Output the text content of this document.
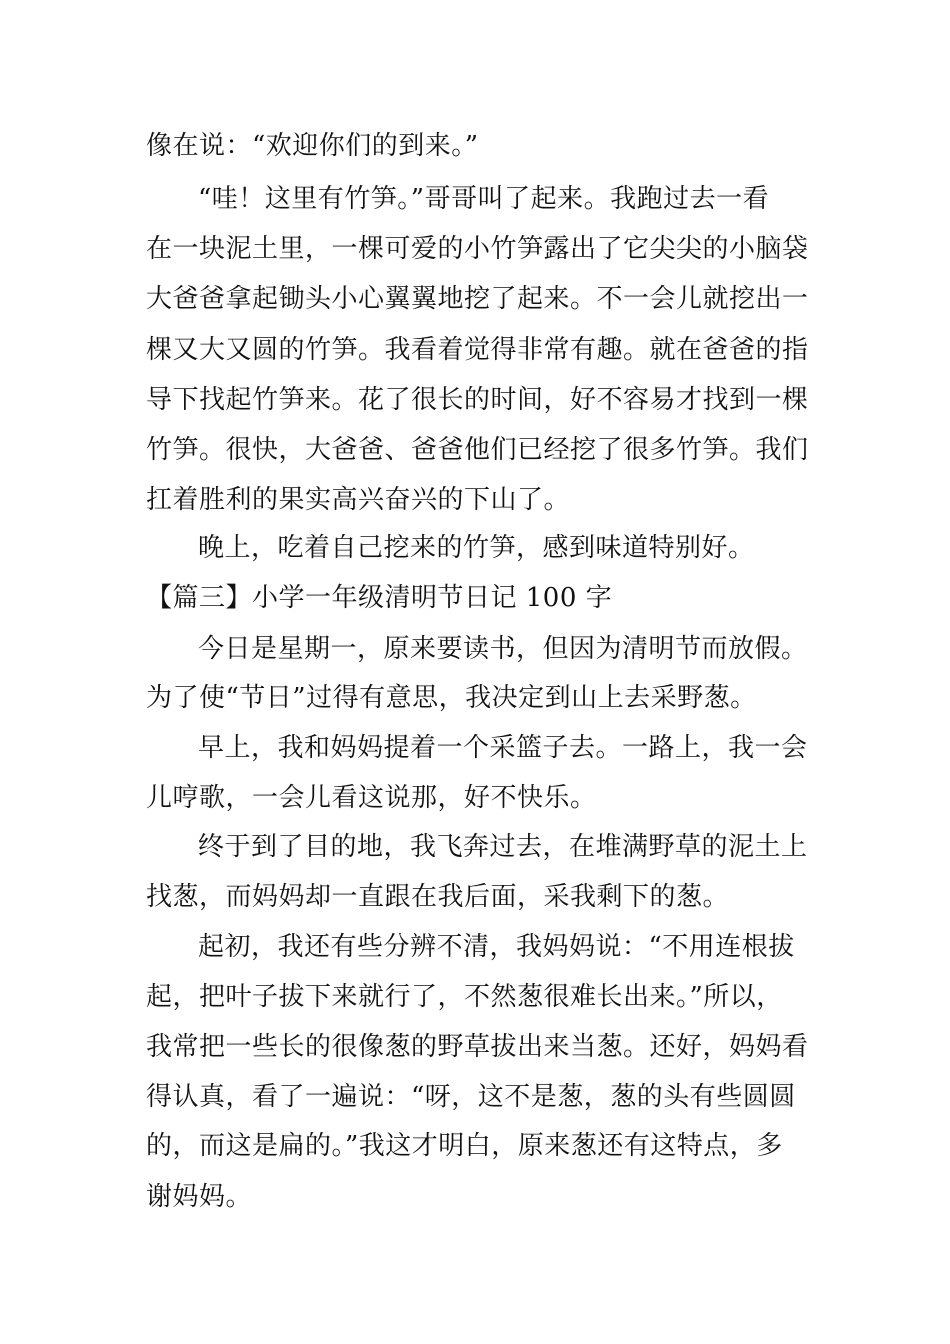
像在说：“欢迎你们的到来。”
“哇！这里有竹笋。”哥哥叫了起来。我跑过去一看
在一块泥土里，一棵可爱的小竹笋露出了它尖尖的小脑袋
大爸爸拿起锄头小心翼翼地挖了起来。不一会儿就挖出一
棵又大又圆的竹笋。我看着觉得非常有趣。就在爸爸的指
导下找起竹笋来。花了很长的时间，好不容易才找到一棵
竹笋。很快，大爸爸、爸爸他们已经挖了很多竹笋。我们
扛着胜利的果实高兴奋兴的下山了。
晚上，吃着自己挖来的竹笋，感到味道特别好。
【篇三】小学一年级清明节日记 100 字
今日是星期一，原来要读书，但因为清明节而放假。
为了使“节日”过得有意思，我决定到山上去采野葱。
早上，我和妈妈提着一个采篮子去。一路上，我一会
儿哼歌，一会儿看这说那，好不快乐。
终于到了目的地，我飞奔过去，在堆满野草的泥土上
找葱，而妈妈却一直跟在我后面，采我剩下的葱。
起初，我还有些分辨不清，我妈妈说：“不用连根拔
起，把叶子拔下来就行了，不然葱很难长出来。”所以，
我常把一些长的很像葱的野草拔出来当葱。还好，妈妈看
得认真，看了一遍说：“呀，这不是葱，葱的头有些圆圆
的，而这是扁的。”我这才明白，原来葱还有这特点，多
谢妈妈。
